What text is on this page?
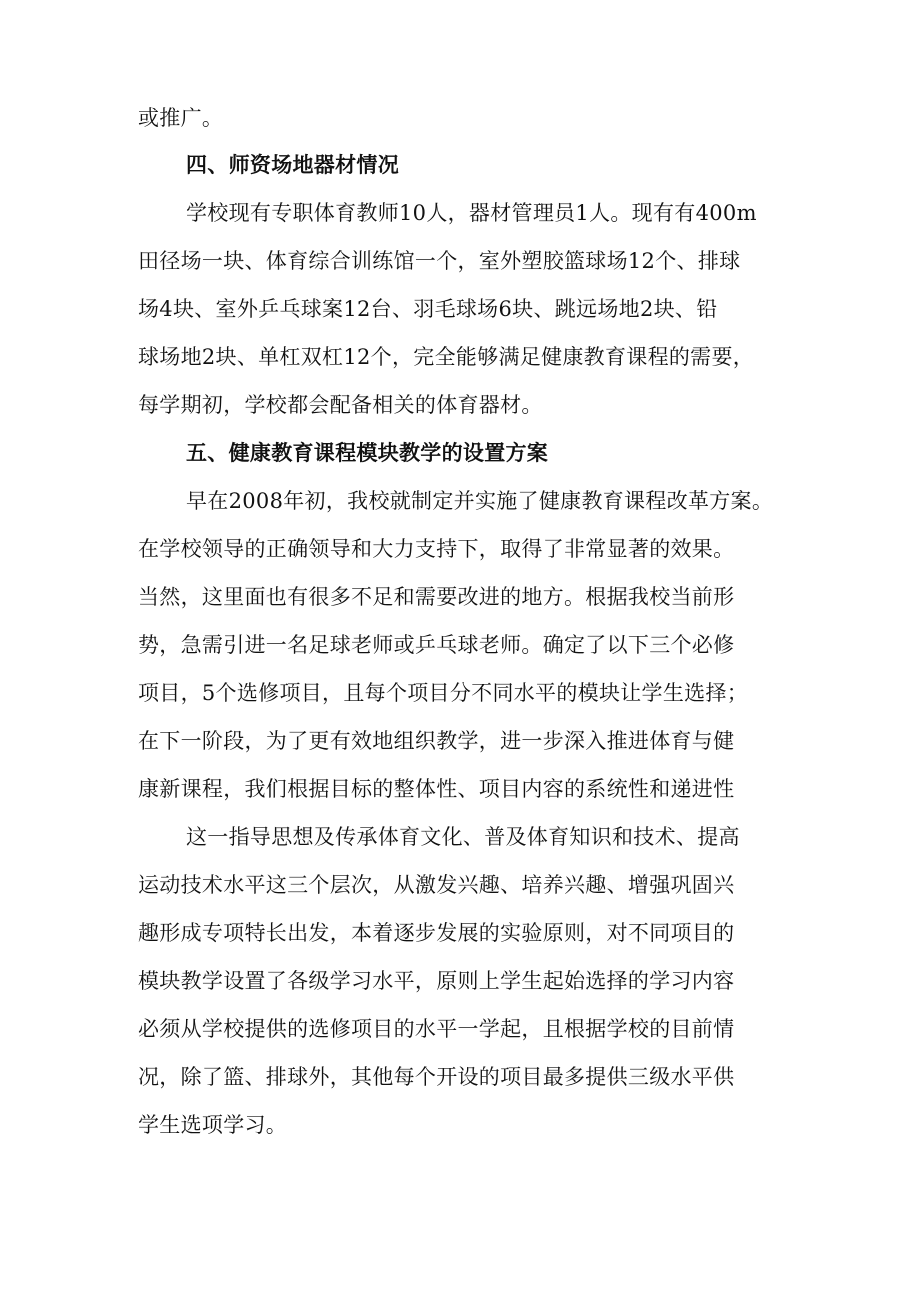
或推广。

四、师资场地器材情况

学校现有专职体育教师10人，器材管理员1人。现有有400m

田径场一块、体育综合训练馆一个，室外塑胶篮球场12个、排球

场4块、室外乒乓球案12台、羽毛球场6块、跳远场地2块、铅

球场地2块、单杠双杠12个，完全能够满足健康教育课程的需要，

每学期初，学校都会配备相关的体育器材。

五、健康教育课程模块教学的设置方案

早在2008年初，我校就制定并实施了健康教育课程改革方案。

在学校领导的正确领导和大力支持下，取得了非常显著的效果。

当然，这里面也有很多不足和需要改进的地方。根据我校当前形

势，急需引进一名足球老师或乒乓球老师。确定了以下三个必修

项目，5个选修项目，且每个项目分不同水平的模块让学生选择；

在下一阶段，为了更有效地组织教学，进一步深入推进体育与健

康新课程，我们根据目标的整体性、项目内容的系统性和递进性

这一指导思想及传承体育文化、普及体育知识和技术、提高

运动技术水平这三个层次，从激发兴趣、培养兴趣、增强巩固兴

趣形成专项特长出发，本着逐步发展的实验原则，对不同项目的

模块教学设置了各级学习水平，原则上学生起始选择的学习内容

必须从学校提供的选修项目的水平一学起，且根据学校的目前情

况，除了篮、排球外，其他每个开设的项目最多提供三级水平供

学生选项学习。
